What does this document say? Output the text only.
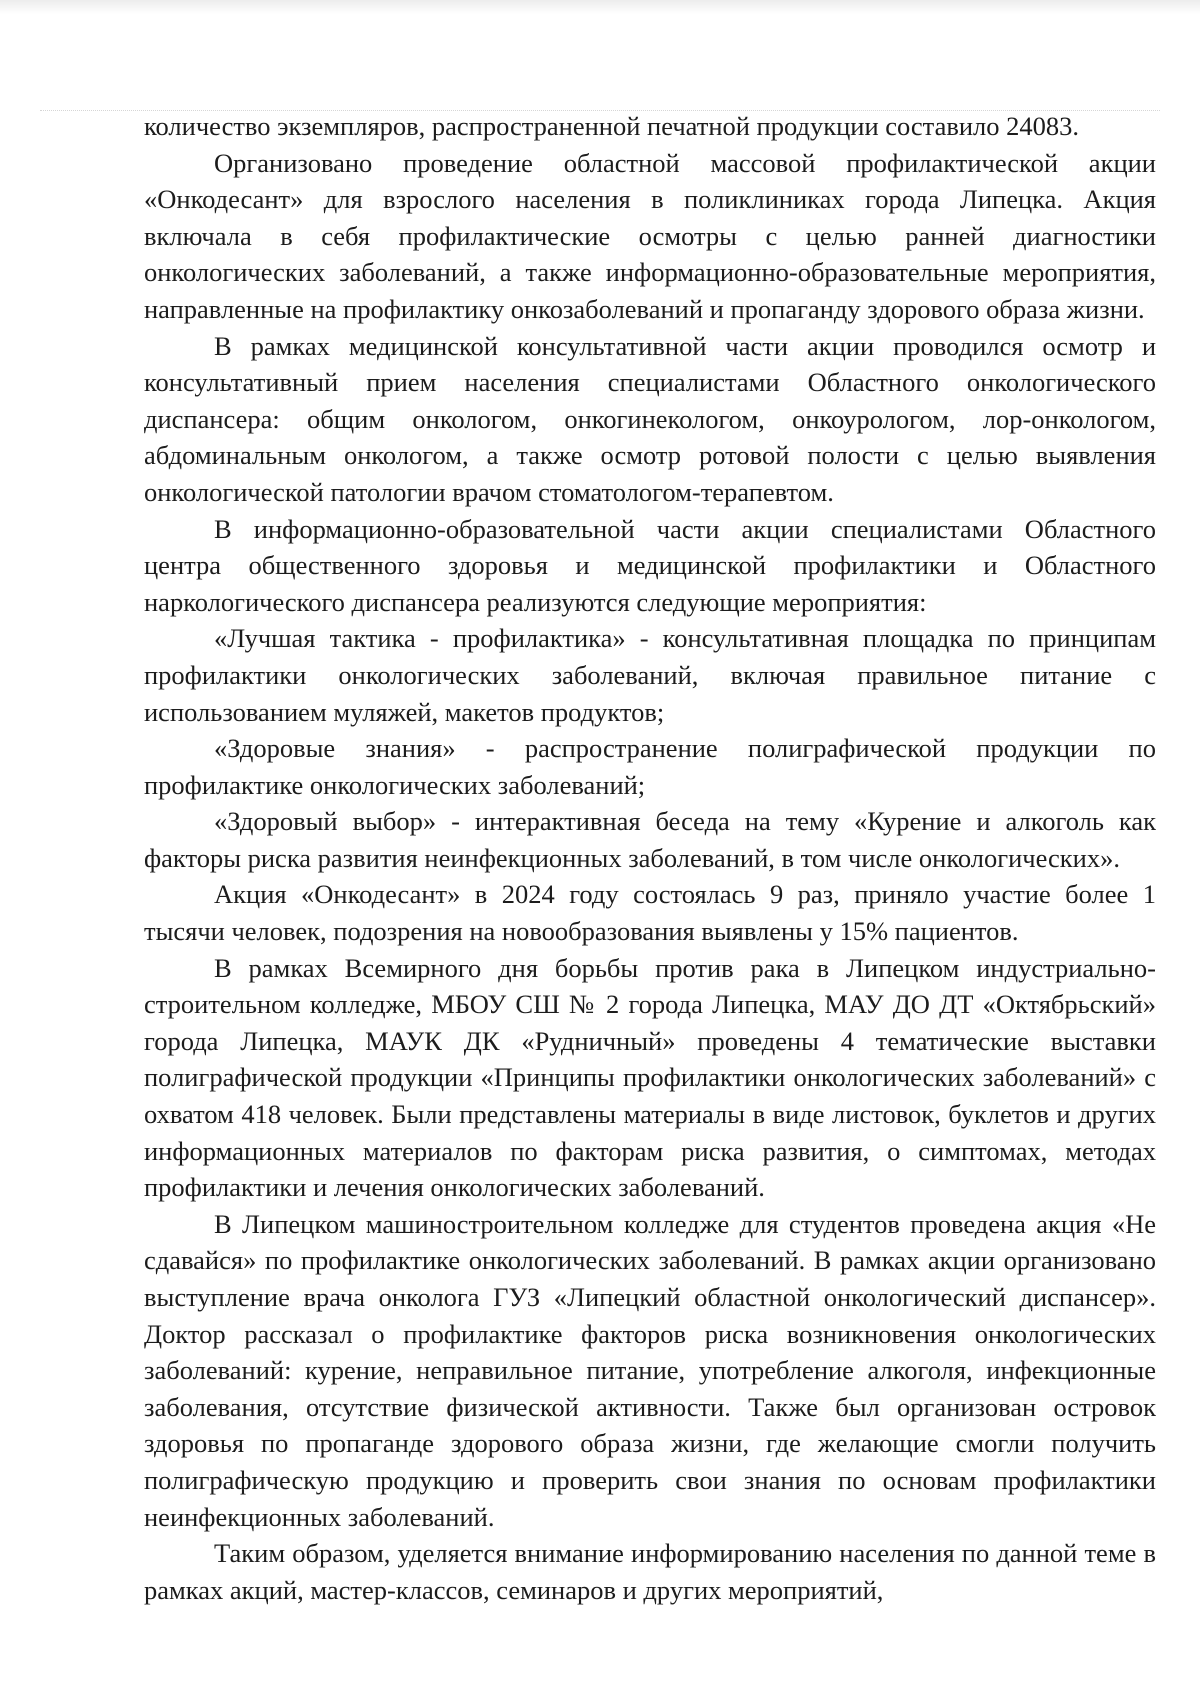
количество экземпляров, распространенной печатной продукции составило 24083.

Организовано проведение областной массовой профилактической акции «Онкодесант» для взрослого населения в поликлиниках города Липецка. Акция включала в себя профилактические осмотры с целью ранней диагностики онкологических заболеваний, а также информационно-образовательные мероприятия, направленные на профилактику онкозаболеваний и пропаганду здорового образа жизни.

В рамках медицинской консультативной части акции проводился осмотр и консультативный прием населения специалистами Областного онкологического диспансера: общим онкологом, онкогинекологом, онкоурологом, лор-онкологом, абдоминальным онкологом, а также осмотр ротовой полости с целью выявления онкологической патологии врачом стоматологом-терапевтом.

В информационно-образовательной части акции специалистами Областного центра общественного здоровья и медицинской профилактики и Областного наркологического диспансера реализуются следующие мероприятия:

«Лучшая тактика - профилактика» - консультативная площадка по принципам профилактики онкологических заболеваний, включая правильное питание с использованием муляжей, макетов продуктов;

«Здоровые знания» - распространение полиграфической продукции по профилактике онкологических заболеваний;

«Здоровый выбор» - интерактивная беседа на тему «Курение и алкоголь как факторы риска развития неинфекционных заболеваний, в том числе онкологических».

Акция «Онкодесант» в 2024 году состоялась 9 раз, приняло участие более 1 тысячи человек, подозрения на новообразования выявлены у 15% пациентов.

В рамках Всемирного дня борьбы против рака в Липецком индустриально-строительном колледже, МБОУ СШ № 2 города Липецка, МАУ ДО ДТ «Октябрьский» города Липецка, МАУК ДК «Рудничный» проведены 4 тематические выставки полиграфической продукции «Принципы профилактики онкологических заболеваний» с охватом 418 человек. Были представлены материалы в виде листовок, буклетов и других информационных материалов по факторам риска развития, о симптомах, методах профилактики и лечения онкологических заболеваний.

В Липецком машиностроительном колледже для студентов проведена акция «Не сдавайся» по профилактике онкологических заболеваний. В рамках акции организовано выступление врача онколога ГУЗ «Липецкий областной онкологический диспансер». Доктор рассказал о профилактике факторов риска возникновения онкологических заболеваний: курение, неправильное питание, употребление алкоголя, инфекционные заболевания, отсутствие физической активности. Также был организован островок здоровья по пропаганде здорового образа жизни, где желающие смогли получить полиграфическую продукцию и проверить свои знания по основам профилактики неинфекционных заболеваний.

Таким образом, уделяется внимание информированию населения по данной теме в рамках акций, мастер-классов, семинаров и других мероприятий,
